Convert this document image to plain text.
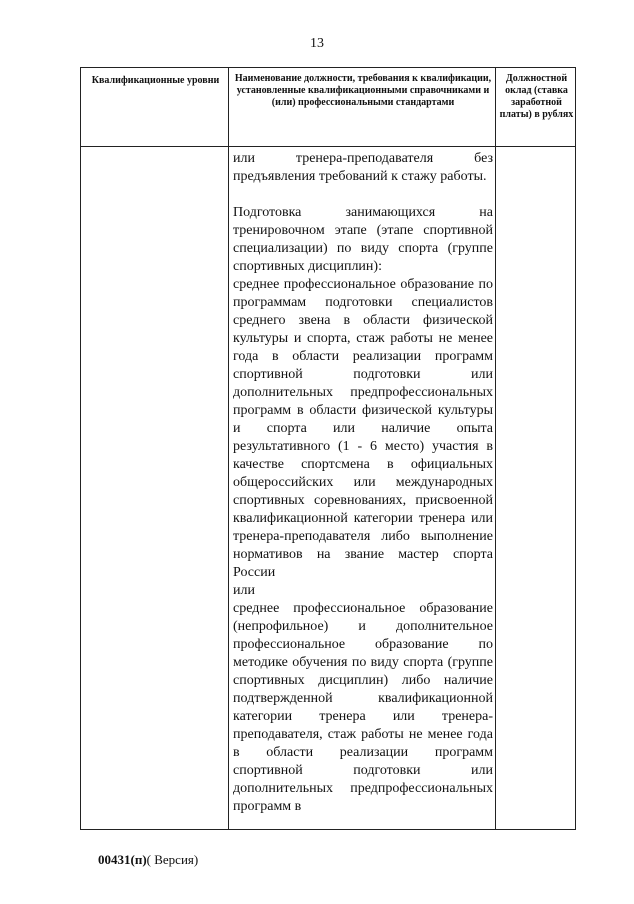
13
Квалификационные уровни	Наименование должности, требования к квалификации, установленные квалификационными справочниками и (или) профессиональными стандартами
Должностной оклад (ставка заработной платы) в рублях

или тренера-преподавателя без предъявления требований к стажу работы.

Подготовка занимающихся на тренировочном этапе (этапе спортивной специализации) по виду спорта (группе спортивных дисциплин):

среднее профессиональное образование по программам подготовки специалистов среднего звена в области физической культуры и спорта, стаж работы не менее года в области реализации программ спортивной подготовки или дополнительных предпрофессиональных программ в области физической культуры и спорта или наличие опыта результативного (1 - 6 место) участия в качестве спортсмена в официальных общероссийских или международных спортивных соревнованиях, присвоенной квалификационной категории тренера или тренера-преподавателя либо выполнение нормативов на звание мастер спорта России

или

среднее профессиональное образование (непрофильное) и дополнительное профессиональное образование по методике обучения по виду спорта (группе спортивных дисциплин) либо наличие подтвержденной квалификационной категории тренера или тренера-преподавателя, стаж работы не менее года в области реализации программ спортивной подготовки или дополнительных предпрофессиональных программ в

00431(п)( Версия)
